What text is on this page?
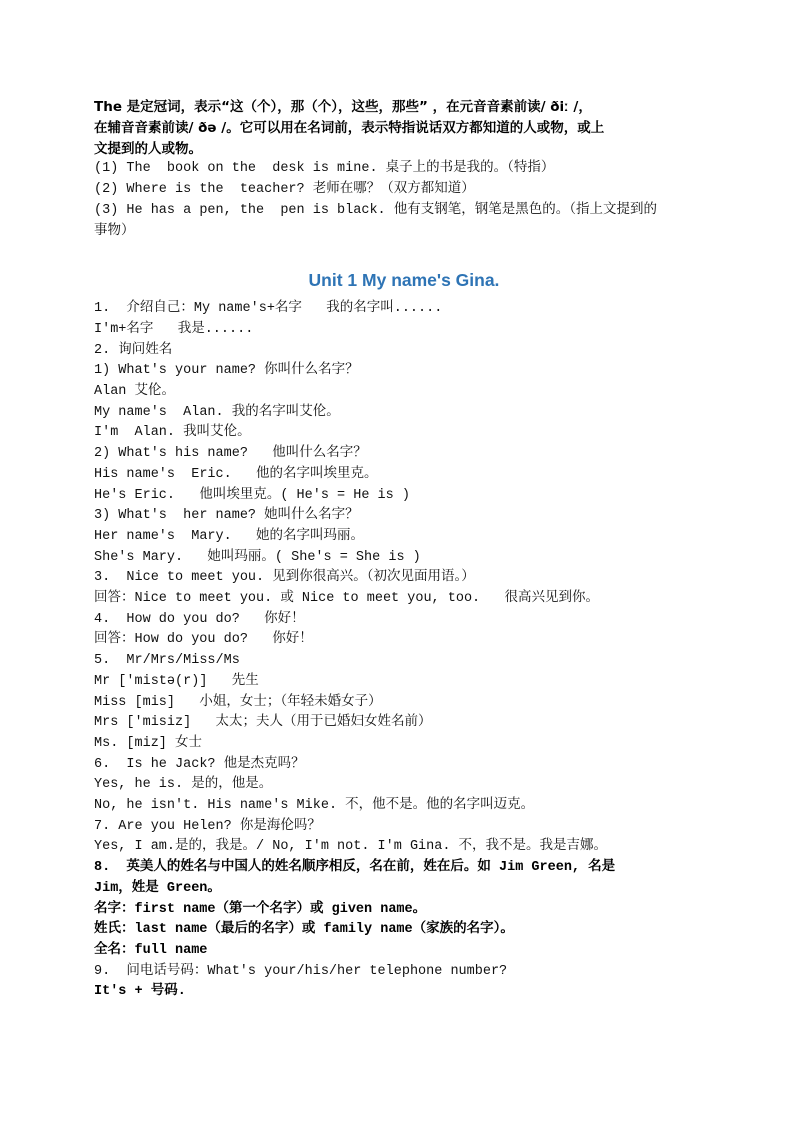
The 是定冠词，表示“这（个），那（个），这些，那些” ，在元音音素前读/ ðiː /，
在辅音音素前读/ ðə /。它可以用在名词前，表示特指说话双方都知道的人或物，或上
文提到的人或物。
(1) The  book on the  desk is mine. 桌子上的书是我的。（特指）
(2) Where is the  teacher? 老师在哪？（双方都知道）
(3) He has a pen, the  pen is black. 他有支钢笔，钢笔是黑色的。（指上文提到的
事物）
Unit 1 My name's Gina.
1.  介绍自己：My name's+名字   我的名字叫......
I'm+名字   我是......
2. 询问姓名
1) What's your name? 你叫什么名字？
Alan 艾伦。
My name's  Alan. 我的名字叫艾伦。
I'm  Alan. 我叫艾伦。
2) What's his name?   他叫什么名字？
His name's  Eric.   他的名字叫埃里克。
He's Eric.   他叫埃里克。( He's = He is )
3) What's  her name? 她叫什么名字？
Her name's  Mary.   她的名字叫玛丽。
She's Mary.   她叫玛丽。( She's = She is )
3.  Nice to meet you. 见到你很高兴。（初次见面用语。）
回答：Nice to meet you. 或 Nice to meet you, too.   很高兴见到你。
4.  How do you do?   你好！
回答：How do you do?   你好！
5.  Mr/Mrs/Miss/Ms
Mr ['mistə(r)]   先生
Miss [mis]   小姐，女士；（年轻未婚女子）
Mrs ['misiz]   太太；夫人（用于已婚妇女姓名前）
Ms. [miz] 女士
6.  Is he Jack? 他是杰克吗？
Yes, he is. 是的，他是。
No, he isn't. His name's Mike. 不，他不是。他的名字叫迈克。
7. Are you Helen? 你是海伦吗？
Yes, I am.是的，我是。/ No, I'm not. I'm Gina. 不，我不是。我是吉娜。
8.  英美人的姓名与中国人的姓名顺序相反，名在前，姓在后。如 Jim Green, 名是
Jim，姓是 Green。
名字：first name（第一个名字）或 given name。
姓氏：last name（最后的名字）或 family name（家族的名字）。
全名：full name
9.  问电话号码：What's your/his/her telephone number?
It's + 号码.
